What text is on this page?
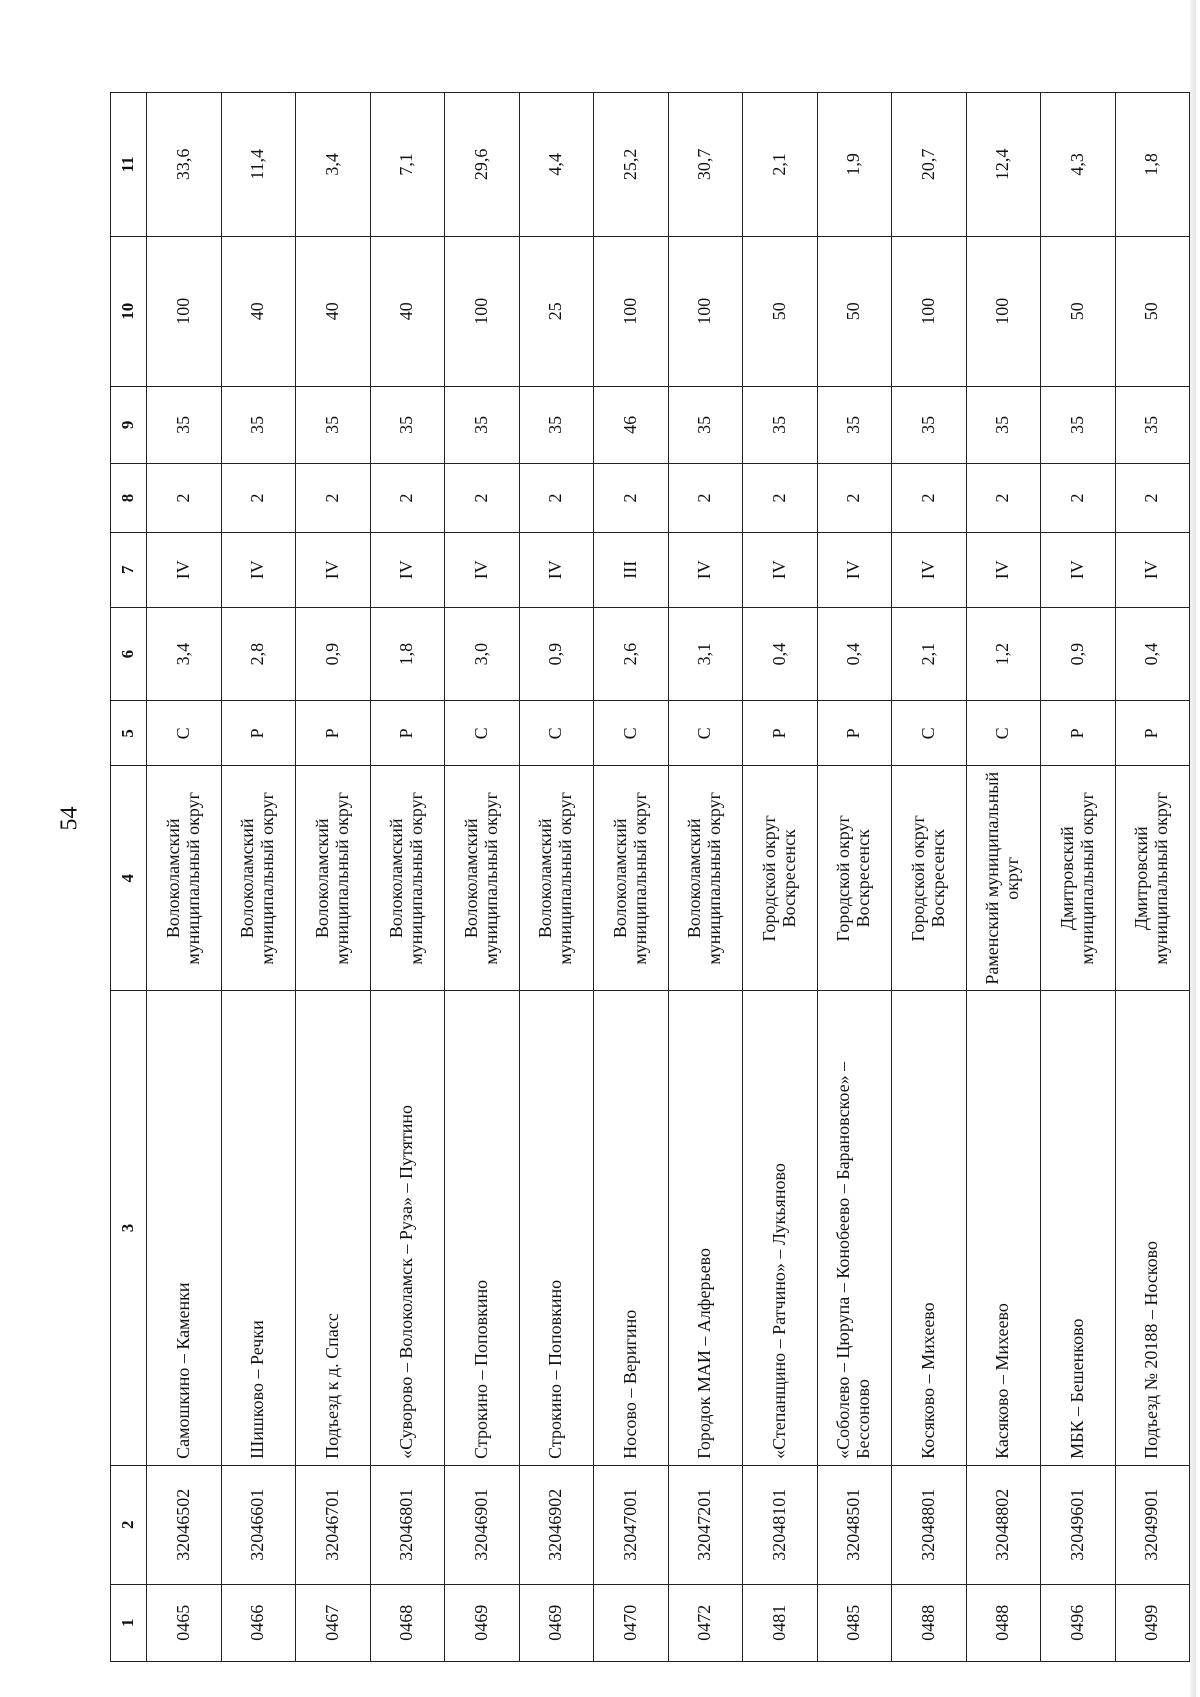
54
1	2	3	4	5	6	7	8	9	10	11
0465	32046502	Самошкино – Каменки	Волоколамский муниципальный округ	С	3,4	IV	2	35	100	33,6
0466	32046601	Шишково – Речки	Волоколамский муниципальный округ	Р	2,8	IV	2	35	40	11,4
0467	32046701	Подъезд к д. Спасс	Волоколамский муниципальный округ	Р	0,9	IV	2	35	40	3,4
0468	32046801	«Суворово – Волоколамск – Руза» – Путятино	Волоколамский муниципальный округ	Р	1,8	IV	2	35	40	7,1
0469	32046901	Строкино – Поповкино	Волоколамский муниципальный округ	С	3,0	IV	2	35	100	29,6
0469	32046902	Строкино – Поповкино	Волоколамский муниципальный округ	С	0,9	IV	2	35	25	4,4
0470	32047001	Носово – Веригино	Волоколамский муниципальный округ	С	2,6	III	2	46	100	25,2
0472	32047201	Городок МАИ – Алферьево	Волоколамский муниципальный округ	С	3,1	IV	2	35	100	30,7
0481	32048101	«Степанщино – Ратчино» – Лукьяново	Городской округ Воскресенск	Р	0,4	IV	2	35	50	2,1
0485	32048501	«Соболево – Цюрупа – Конобеево – Барановское» – Бессоново	Городской округ Воскресенск	Р	0,4	IV	2	35	50	1,9
0488	32048801	Косяково – Михеево	Городской округ Воскресенск	С	2,1	IV	2	35	100	20,7
0488	32048802	Касяково – Михеево	Раменский муниципальный округ	С	1,2	IV	2	35	100	12,4
0496	32049601	МБК – Бешенково	Дмитровский муниципальный округ	Р	0,9	IV	2	35	50	4,3
0499	32049901	Подъезд № 20188 – Носково	Дмитровский муниципальный округ	Р	0,4	IV	2	35	50	1,8
